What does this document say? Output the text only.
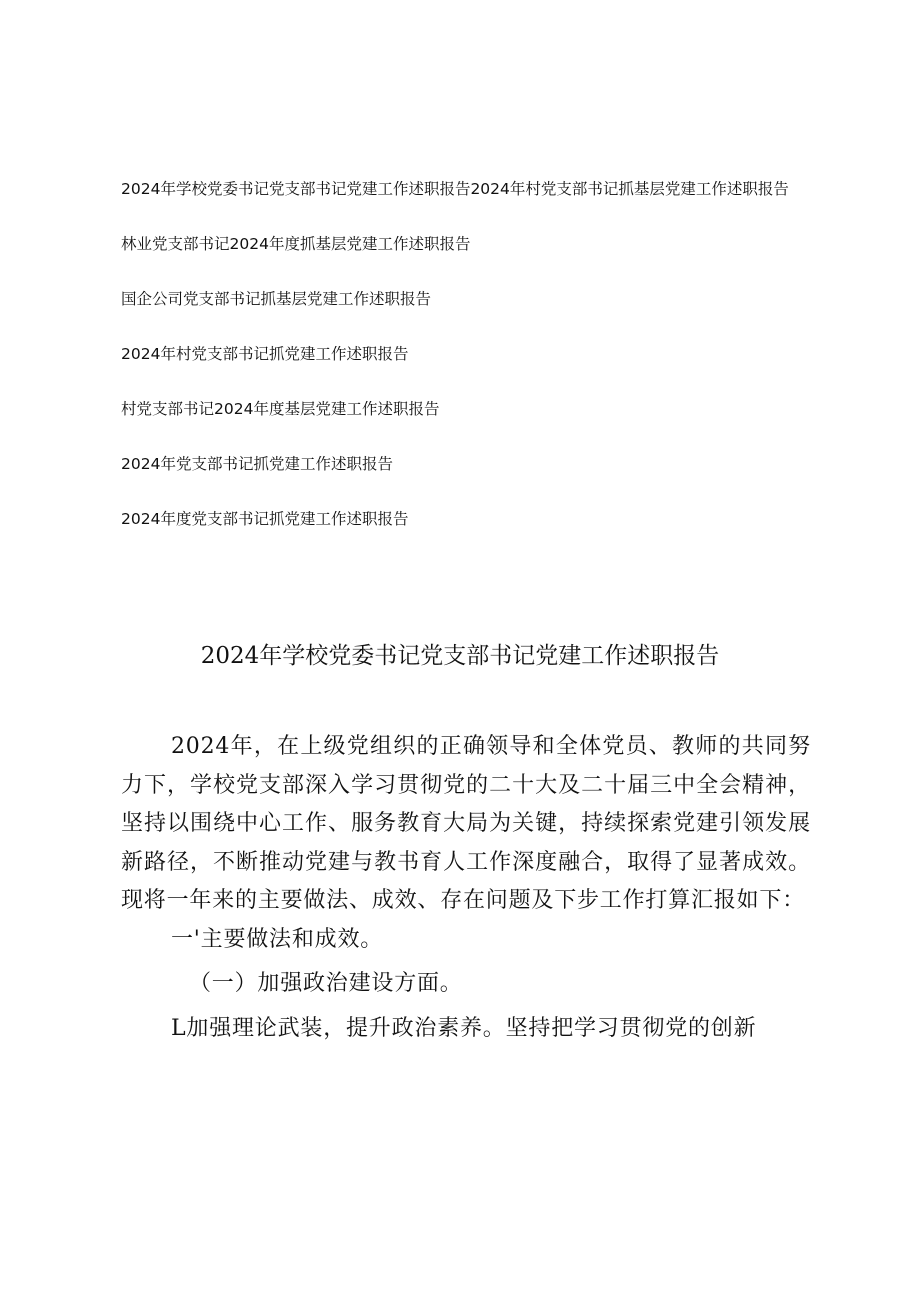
2024年学校党委书记党支部书记党建工作述职报告2024年村党支部书记抓基层党建工作述职报告
林业党支部书记2024年度抓基层党建工作述职报告
国企公司党支部书记抓基层党建工作述职报告
2024年村党支部书记抓党建工作述职报告
村党支部书记2024年度基层党建工作述职报告
2024年党支部书记抓党建工作述职报告
2024年度党支部书记抓党建工作述职报告
2024年学校党委书记党支部书记党建工作述职报告

2024年，在上级党组织的正确领导和全体党员、教师的共同努力下，学校党支部深入学习贯彻党的二十大及二十届三中全会精神，坚持以围绕中心工作、服务教育大局为关键，持续探索党建引领发展新路径，不断推动党建与教书育人工作深度融合，取得了显著成效。现将一年来的主要做法、成效、存在问题及下步工作打算汇报如下：

一'主要做法和成效。

（一）加强政治建设方面。

L加强理论武装，提升政治素养。坚持把学习贯彻党的创新
